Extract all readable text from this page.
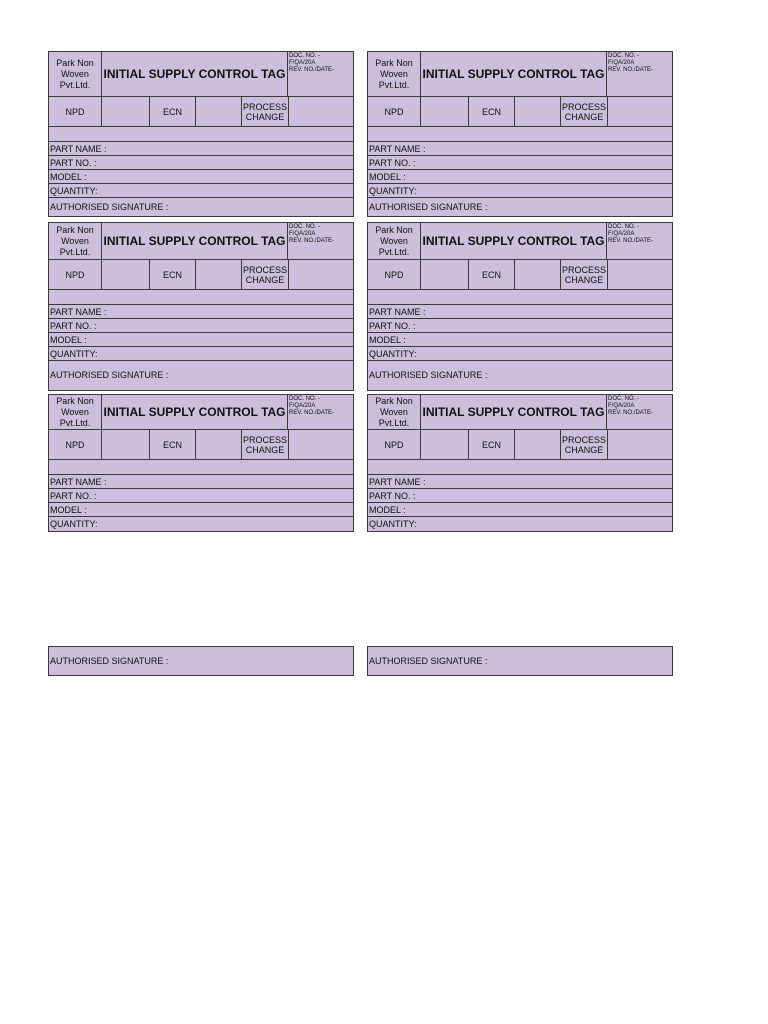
Park Non Woven Pvt.Ltd.
INITIAL SUPPLY CONTROL TAG
DOC. NO. -
F/QA/20A
REV. NO./DATE-
NPD	ECN	PROCESS CHANGE
PART NAME :
PART NO. :
MODEL :
QUANTITY:
AUTHORISED SIGNATURE :
Park Non Woven Pvt.Ltd.
INITIAL SUPPLY CONTROL TAG
DOC. NO. -
F/QA/20A
REV. NO./DATE-
NPD	ECN	PROCESS CHANGE
PART NAME :
PART NO. :
MODEL :
QUANTITY:
AUTHORISED SIGNATURE :
Park Non Woven Pvt.Ltd.
INITIAL SUPPLY CONTROL TAG
DOC. NO. -
F/QA/20A
REV. NO./DATE-
NPD	ECN	PROCESS CHANGE
PART NAME :
PART NO. :
MODEL :
QUANTITY:
AUTHORISED SIGNATURE :
Park Non Woven Pvt.Ltd.
INITIAL SUPPLY CONTROL TAG
DOC. NO. -
F/QA/20A
REV. NO./DATE-
NPD	ECN	PROCESS CHANGE
PART NAME :
PART NO. :
MODEL :
QUANTITY:
AUTHORISED SIGNATURE :
Park Non Woven Pvt.Ltd.
INITIAL SUPPLY CONTROL TAG
DOC. NO. -
F/QA/20A
REV. NO./DATE-
NPD	ECN	PROCESS CHANGE
PART NAME :
PART NO. :
MODEL :
QUANTITY:
Park Non Woven Pvt.Ltd.
INITIAL SUPPLY CONTROL TAG
DOC. NO. -
F/QA/20A
REV. NO./DATE-
NPD	ECN	PROCESS CHANGE
PART NAME :
PART NO. :
MODEL :
QUANTITY:
AUTHORISED SIGNATURE :	AUTHORISED SIGNATURE :
